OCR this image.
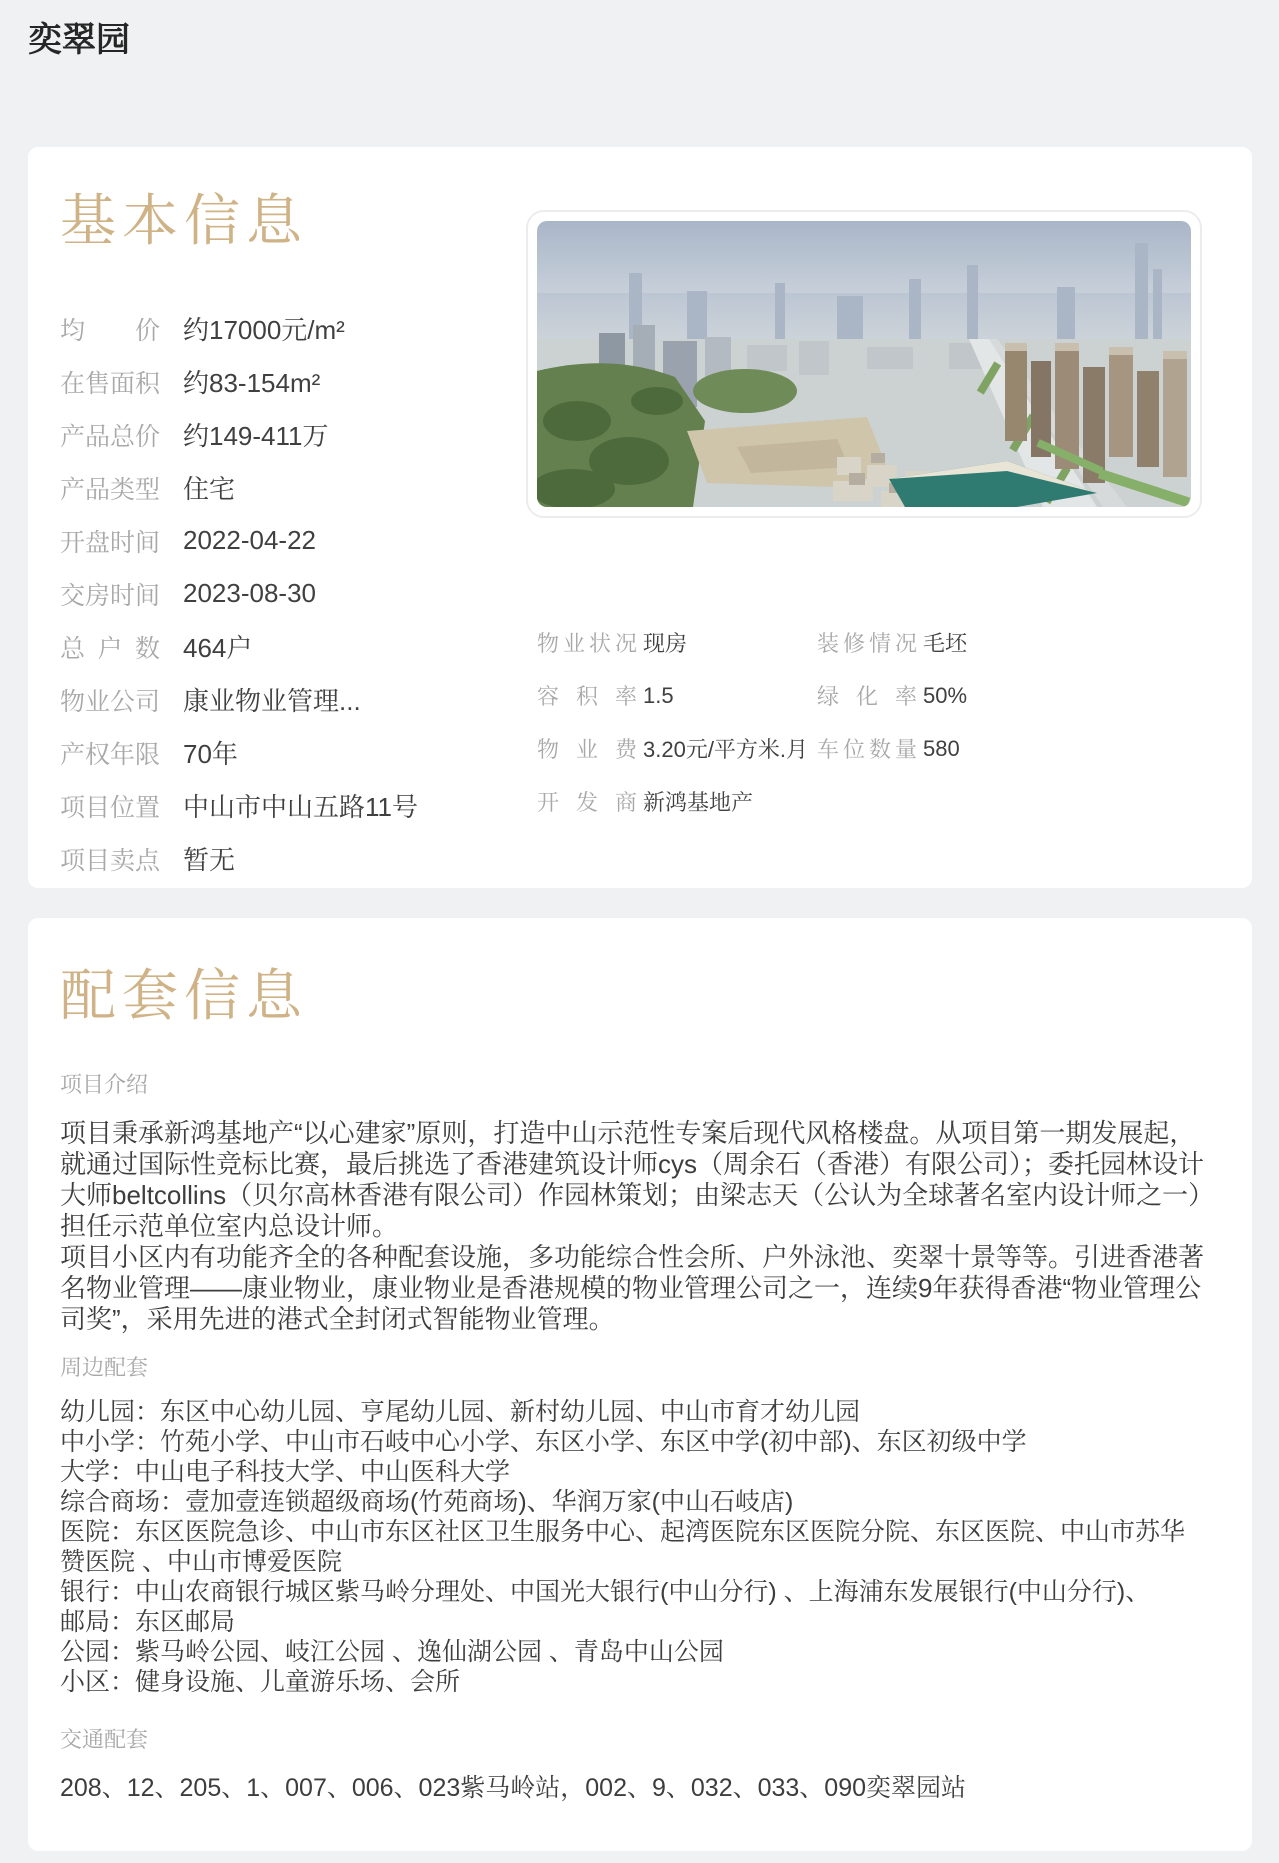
奕翠园
基本信息
均价 约17000元/m²
在售面积 约83-154m²
产品总价 约149-411万
产品类型 住宅
开盘时间 2022-04-22
交房时间 2023-08-30
总户数 464户
物业公司 康业物业管理...
产权年限 70年
项目位置 中山市中山五路11号
项目卖点 暂无
物业状况 现房	装修情况 毛坯
容积率 1.5	绿化率 50%
物业费 3.20元/平方米.月 车位数量 580
开发商 新鸿基地产
配套信息
项目介绍

项目秉承新鸿基地产“以心建家”原则，打造中山示范性专案后现代风格楼盘。从项目第一期发展起，就通过国际性竞标比赛，最后挑选了香港建筑设计师cys（周余石（香港）有限公司）；委托园林设计大师beltcollins（贝尔高林香港有限公司）作园林策划；由梁志天（公认为全球著名室内设计师之一）担任示范单位室内总设计师。

项目小区内有功能齐全的各种配套设施，多功能综合性会所、户外泳池、奕翠十景等等。引进香港著名物业管理——康业物业，康业物业是香港规模的物业管理公司之一，连续9年获得香港“物业管理公司奖”，采用先进的港式全封闭式智能物业管理。

周边配套
幼儿园：东区中心幼儿园、亨尾幼儿园、新村幼儿园、中山市育才幼儿园
中小学：竹苑小学、中山市石岐中心小学、东区小学、东区中学(初中部)、东区初级中学
大学：中山电子科技大学、中山医科大学
综合商场：壹加壹连锁超级商场(竹苑商场)、华润万家(中山石岐店)
医院：东区医院急诊、中山市东区社区卫生服务中心、起湾医院东区医院分院、东区医院、中山市苏华赞医院 、中山市博爱医院
银行：中山农商银行城区紫马岭分理处、中国光大银行(中山分行) 、上海浦东发展银行(中山分行)、
邮局：东区邮局
公园：紫马岭公园、岐江公园 、逸仙湖公园 、青岛中山公园
小区：健身设施、儿童游乐场、会所
交通配套
208、12、205、1、007、006、023紫马岭站，002、9、032、033、090奕翠园站
